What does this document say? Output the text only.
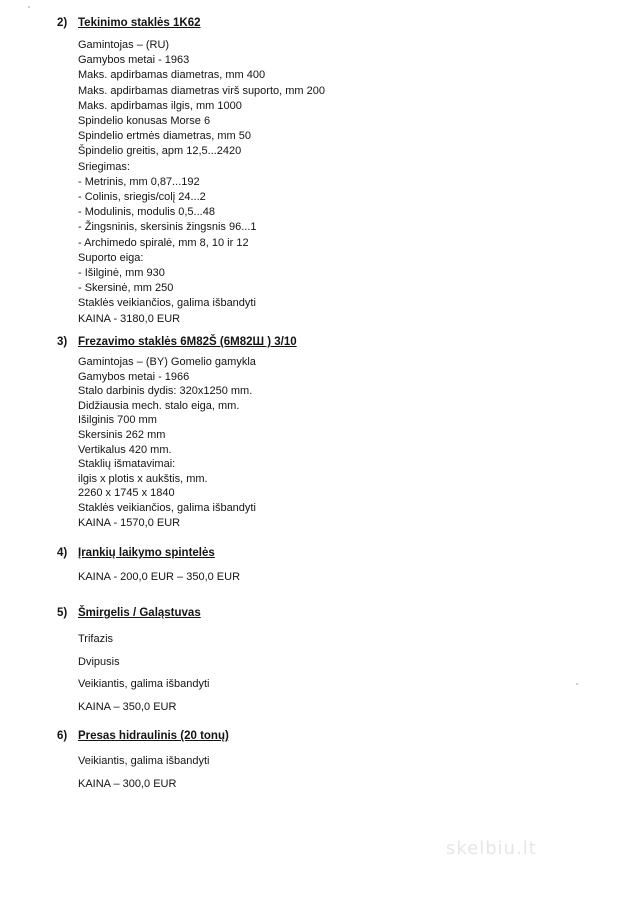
2) Tekinimo staklės 1K62
Gamintojas – (RU)
Gamybos metai - 1963
Maks. apdirbamas diametras, mm 400
Maks. apdirbamas diametras virš suporto, mm 200
Maks. apdirbamas ilgis, mm 1000
Spindelio konusas Morse 6
Spindelio ertmės diametras, mm 50
Špindelio greitis, apm 12,5...2420
Sriegimas:
- Metrinis, mm 0,87...192
- Colinis, sriegis/colį 24...2
- Modulinis, modulis 0,5...48
- Žingsninis, skersinis žingsnis 96...1
- Archimedo spiralė, mm 8, 10 ir 12
Suporto eiga:
- Išilginė, mm 930
- Skersinė, mm 250
Staklės veikiančios, galima išbandyti
KAINA - 3180,0 EUR
3) Frezavimo staklės 6M82Š (6M82Ш ) 3/10
Gamintojas – (BY) Gomelio gamykla
Gamybos metai - 1966
Stalo darbinis dydis: 320x1250 mm.
Didžiausia mech. stalo eiga, mm.
Išilginis 700 mm
Skersinis 262 mm
Vertikalus 420 mm.
Staklių išmatavimai:
ilgis x plotis x aukštis, mm.
2260 x 1745 x 1840
Staklės veikiančios, galima išbandyti
KAINA - 1570,0 EUR
4) Įrankių laikymo spintelės
KAINA - 200,0 EUR – 350,0 EUR
5) Šmirgelis / Galąstuvas
Trifazis
Dvipusis
Veikiantis, galima išbandyti
KAINA – 350,0 EUR
6) Presas hidraulinis (20 tonų)
Veikiantis, galima išbandyti
KAINA – 300,0 EUR
skelbiu.lt
